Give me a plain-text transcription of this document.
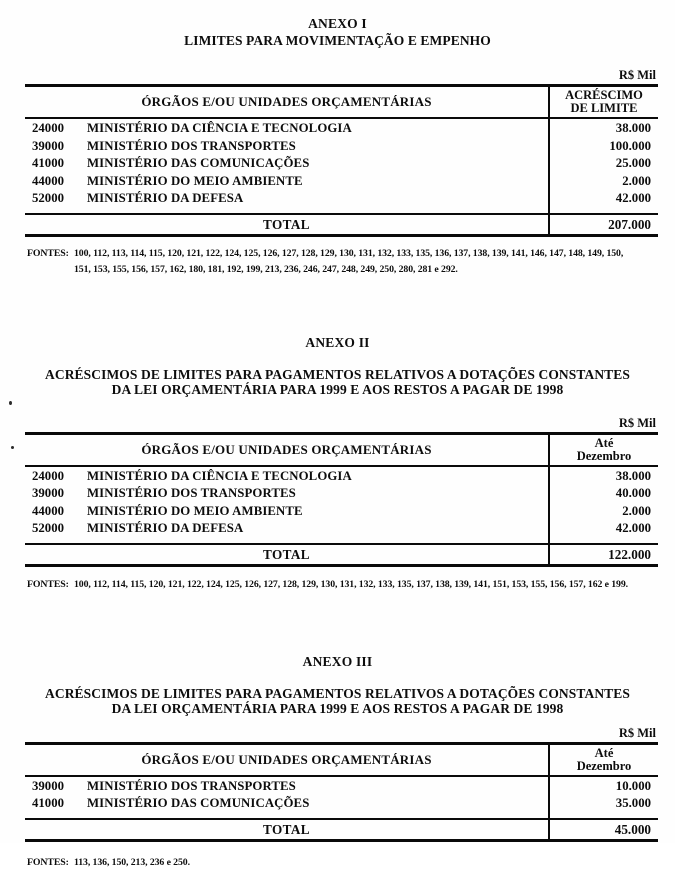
ANEXO I
LIMITES PARA MOVIMENTAÇÃO E EMPENHO
R$ Mil
ÓRGÃOS E/OU UNIDADES ORÇAMENTÁRIAS	ACRÉSCIMO
DE LIMITE
24000 MINISTÉRIO DA CIÊNCIA E TECNOLOGIA	38.000
39000 MINISTÉRIO DOS TRANSPORTES	100.000
41000 MINISTÉRIO DAS COMUNICAÇÕES	25.000
44000 MINISTÉRIO DO MEIO AMBIENTE	2.000
52000 MINISTÉRIO DA DEFESA	42.000
TOTAL	207.000
FONTES: 100, 112, 113, 114, 115, 120, 121, 122, 124, 125, 126, 127, 128, 129, 130, 131, 132, 133, 135, 136, 137, 138, 139, 141, 146, 147, 148, 149, 150,
151, 153, 155, 156, 157, 162, 180, 181, 192, 199, 213, 236, 246, 247, 248, 249, 250, 280, 281 e 292.
ANEXO II
ACRÉSCIMOS DE LIMITES PARA PAGAMENTOS RELATIVOS A DOTAÇÕES CONSTANTES
DA LEI ORÇAMENTÁRIA PARA 1999 E AOS RESTOS A PAGAR DE 1998
R$ Mil
ÓRGÃOS E/OU UNIDADES ORÇAMENTÁRIAS	Até
Dezembro
24000 MINISTÉRIO DA CIÊNCIA E TECNOLOGIA	38.000
39000 MINISTÉRIO DOS TRANSPORTES	40.000
44000 MINISTÉRIO DO MEIO AMBIENTE	2.000
52000 MINISTÉRIO DA DEFESA	42.000
TOTAL	122.000
FONTES: 100, 112, 114, 115, 120, 121, 122, 124, 125, 126, 127, 128, 129, 130, 131, 132, 133, 135, 137, 138, 139, 141, 151, 153, 155, 156, 157, 162 e 199.
ANEXO III
ACRÉSCIMOS DE LIMITES PARA PAGAMENTOS RELATIVOS A DOTAÇÕES CONSTANTES
DA LEI ORÇAMENTÁRIA PARA 1999 E AOS RESTOS A PAGAR DE 1998
R$ Mil
ÓRGÃOS E/OU UNIDADES ORÇAMENTÁRIAS	Até
Dezembro
39000 MINISTÉRIO DOS TRANSPORTES	10.000
41000 MINISTÉRIO DAS COMUNICAÇÕES	35.000
TOTAL	45.000
FONTES: 113, 136, 150, 213, 236 e 250.
